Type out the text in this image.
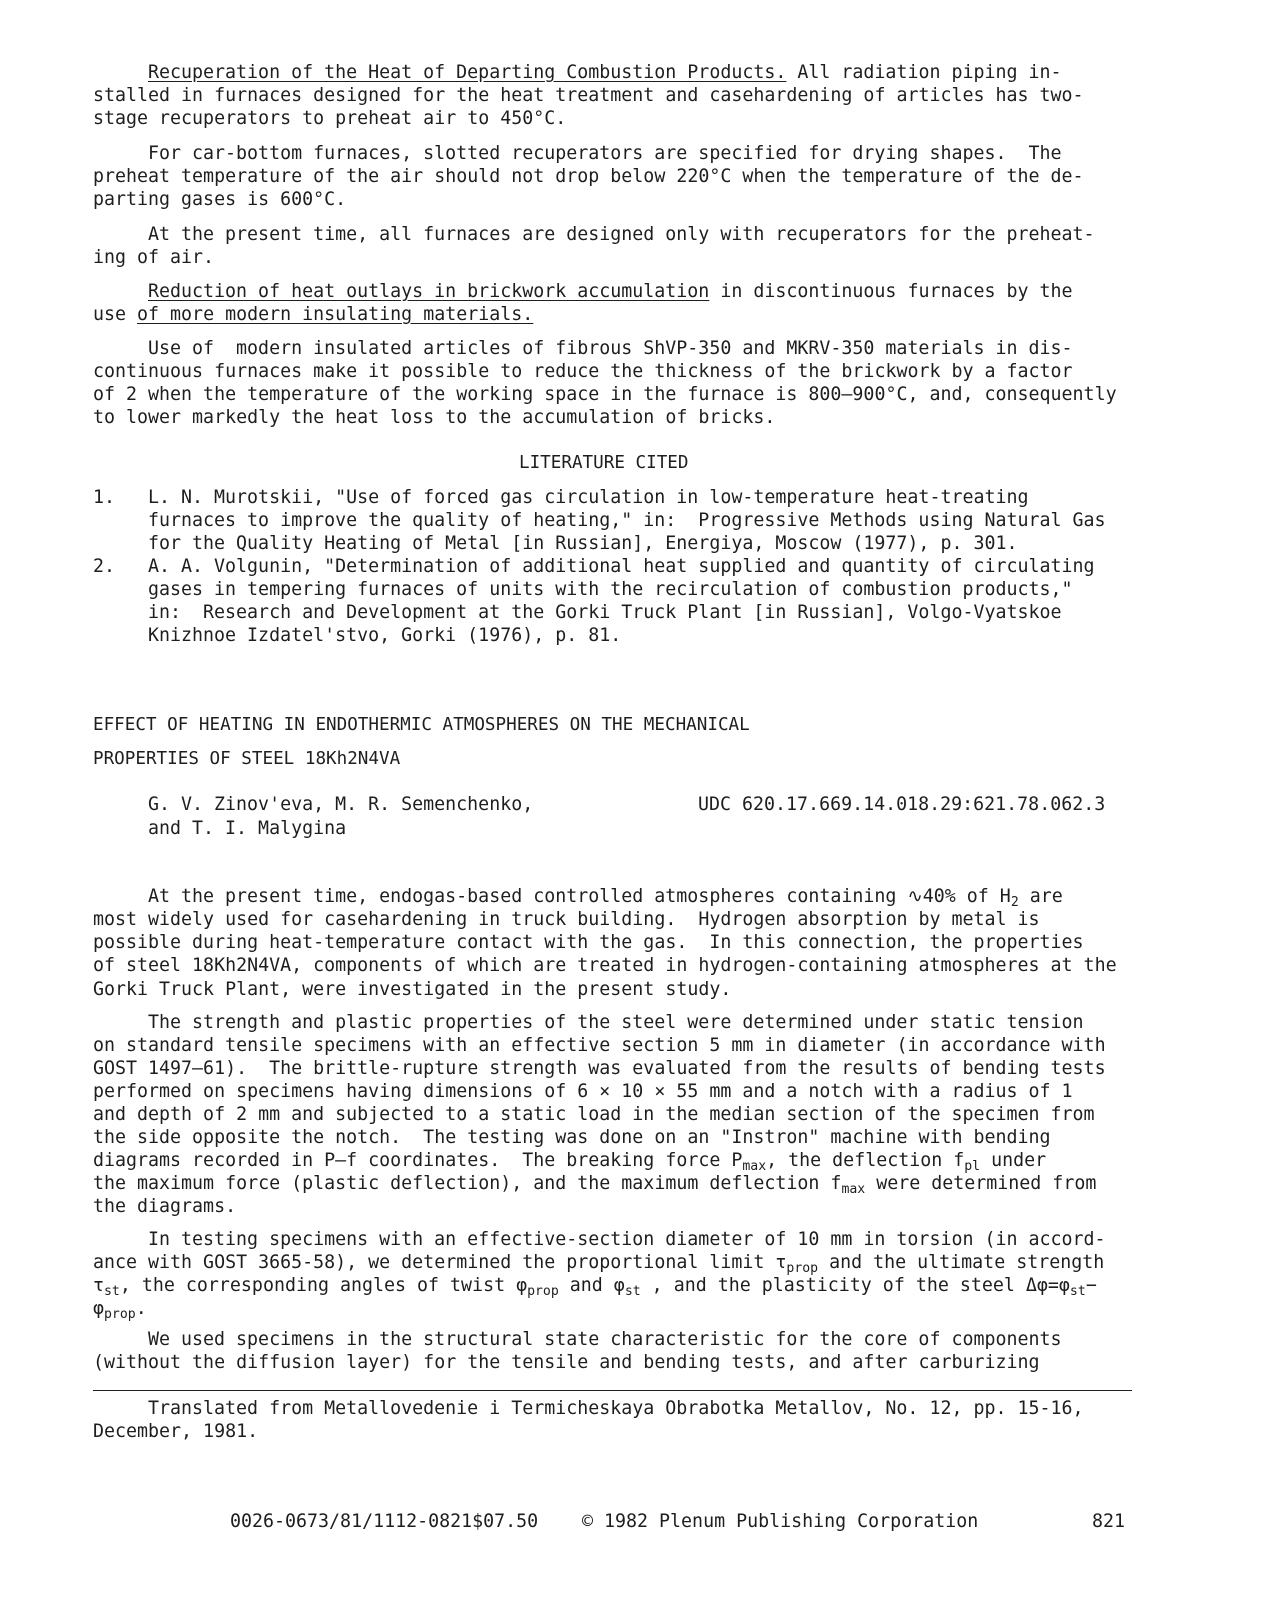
Recuperation of the Heat of Departing Combustion Products. All radiation piping in-
stalled in furnaces designed for the heat treatment and casehardening of articles has two-
stage recuperators to preheat air to 450°C.
For car-bottom furnaces, slotted recuperators are specified for drying shapes.  The
preheat temperature of the air should not drop below 220°C when the temperature of the de-
parting gases is 600°C.
At the present time, all furnaces are designed only with recuperators for the preheat-
ing of air.
Reduction of heat outlays in brickwork accumulation in discontinuous furnaces by the
use of more modern insulating materials.
Use of  modern insulated articles of fibrous ShVP-350 and MKRV-350 materials in dis-
continuous furnaces make it possible to reduce the thickness of the brickwork by a factor
of 2 when the temperature of the working space in the furnace is 800–900°C, and, consequently
to lower markedly the heat loss to the accumulation of bricks.
LITERATURE CITED
1. L. N. Murotskii, "Use of forced gas circulation in low-temperature heat-treating
furnaces to improve the quality of heating," in:  Progressive Methods using Natural Gas
for the Quality Heating of Metal [in Russian], Energiya, Moscow (1977), p. 301.
2. A. A. Volgunin, "Determination of additional heat supplied and quantity of circulating
gases in tempering furnaces of units with the recirculation of combustion products,"
in:  Research and Development at the Gorki Truck Plant [in Russian], Volgo-Vyatskoe
Knizhnoe Izdatel'stvo, Gorki (1976), p. 81.
EFFECT OF HEATING IN ENDOTHERMIC ATMOSPHERES ON THE MECHANICAL
PROPERTIES OF STEEL 18Kh2N4VA
G. V. Zinov'eva, M. R. Semenchenko,
and T. I. Malygina
UDC 620.17.669.14.018.29:621.78.062.3
At the present time, endogas-based controlled atmospheres containing ∿40% of $H_2$ are
most widely used for casehardening in truck building.  Hydrogen absorption by metal is
possible during heat-temperature contact with the gas.  In this connection, the properties
of steel 18Kh2N4VA, components of which are treated in hydrogen-containing atmospheres at the
Gorki Truck Plant, were investigated in the present study.
The strength and plastic properties of the steel were determined under static tension
on standard tensile specimens with an effective section 5 mm in diameter (in accordance with
GOST 1497–61).  The brittle-rupture strength was evaluated from the results of bending tests
performed on specimens having dimensions of 6 × 10 × 55 mm and a notch with a radius of 1
and depth of 2 mm and subjected to a static load in the median section of the specimen from
the side opposite the notch.  The testing was done on an "Instron" machine with bending
diagrams recorded in P–f coordinates.  The breaking force $P_{max}$, the deflection $f_{pl}$ under
the maximum force (plastic deflection), and the maximum deflection $f_{max}$ were determined from
the diagrams.
In testing specimens with an effective-section diameter of 10 mm in torsion (in accord-
ance with GOST 3665-58), we determined the proportional limit $\tau_{prop}$ and the ultimate strength
$\tau_{st}$, the corresponding angles of twist $\varphi_{prop}$ and $\varphi_{st}$ , and the plasticity of the steel $\Delta\varphi=\varphi_{st}-$
$\varphi_{prop}$.
We used specimens in the structural state characteristic for the core of components
(without the diffusion layer) for the tensile and bending tests, and after carburizing
Translated from Metallovedenie i Termicheskaya Obrabotka Metallov, No. 12, pp. 15-16,
December, 1981.
0026-0673/81/1112-0821$07.50 © 1982 Plenum Publishing Corporation	821
